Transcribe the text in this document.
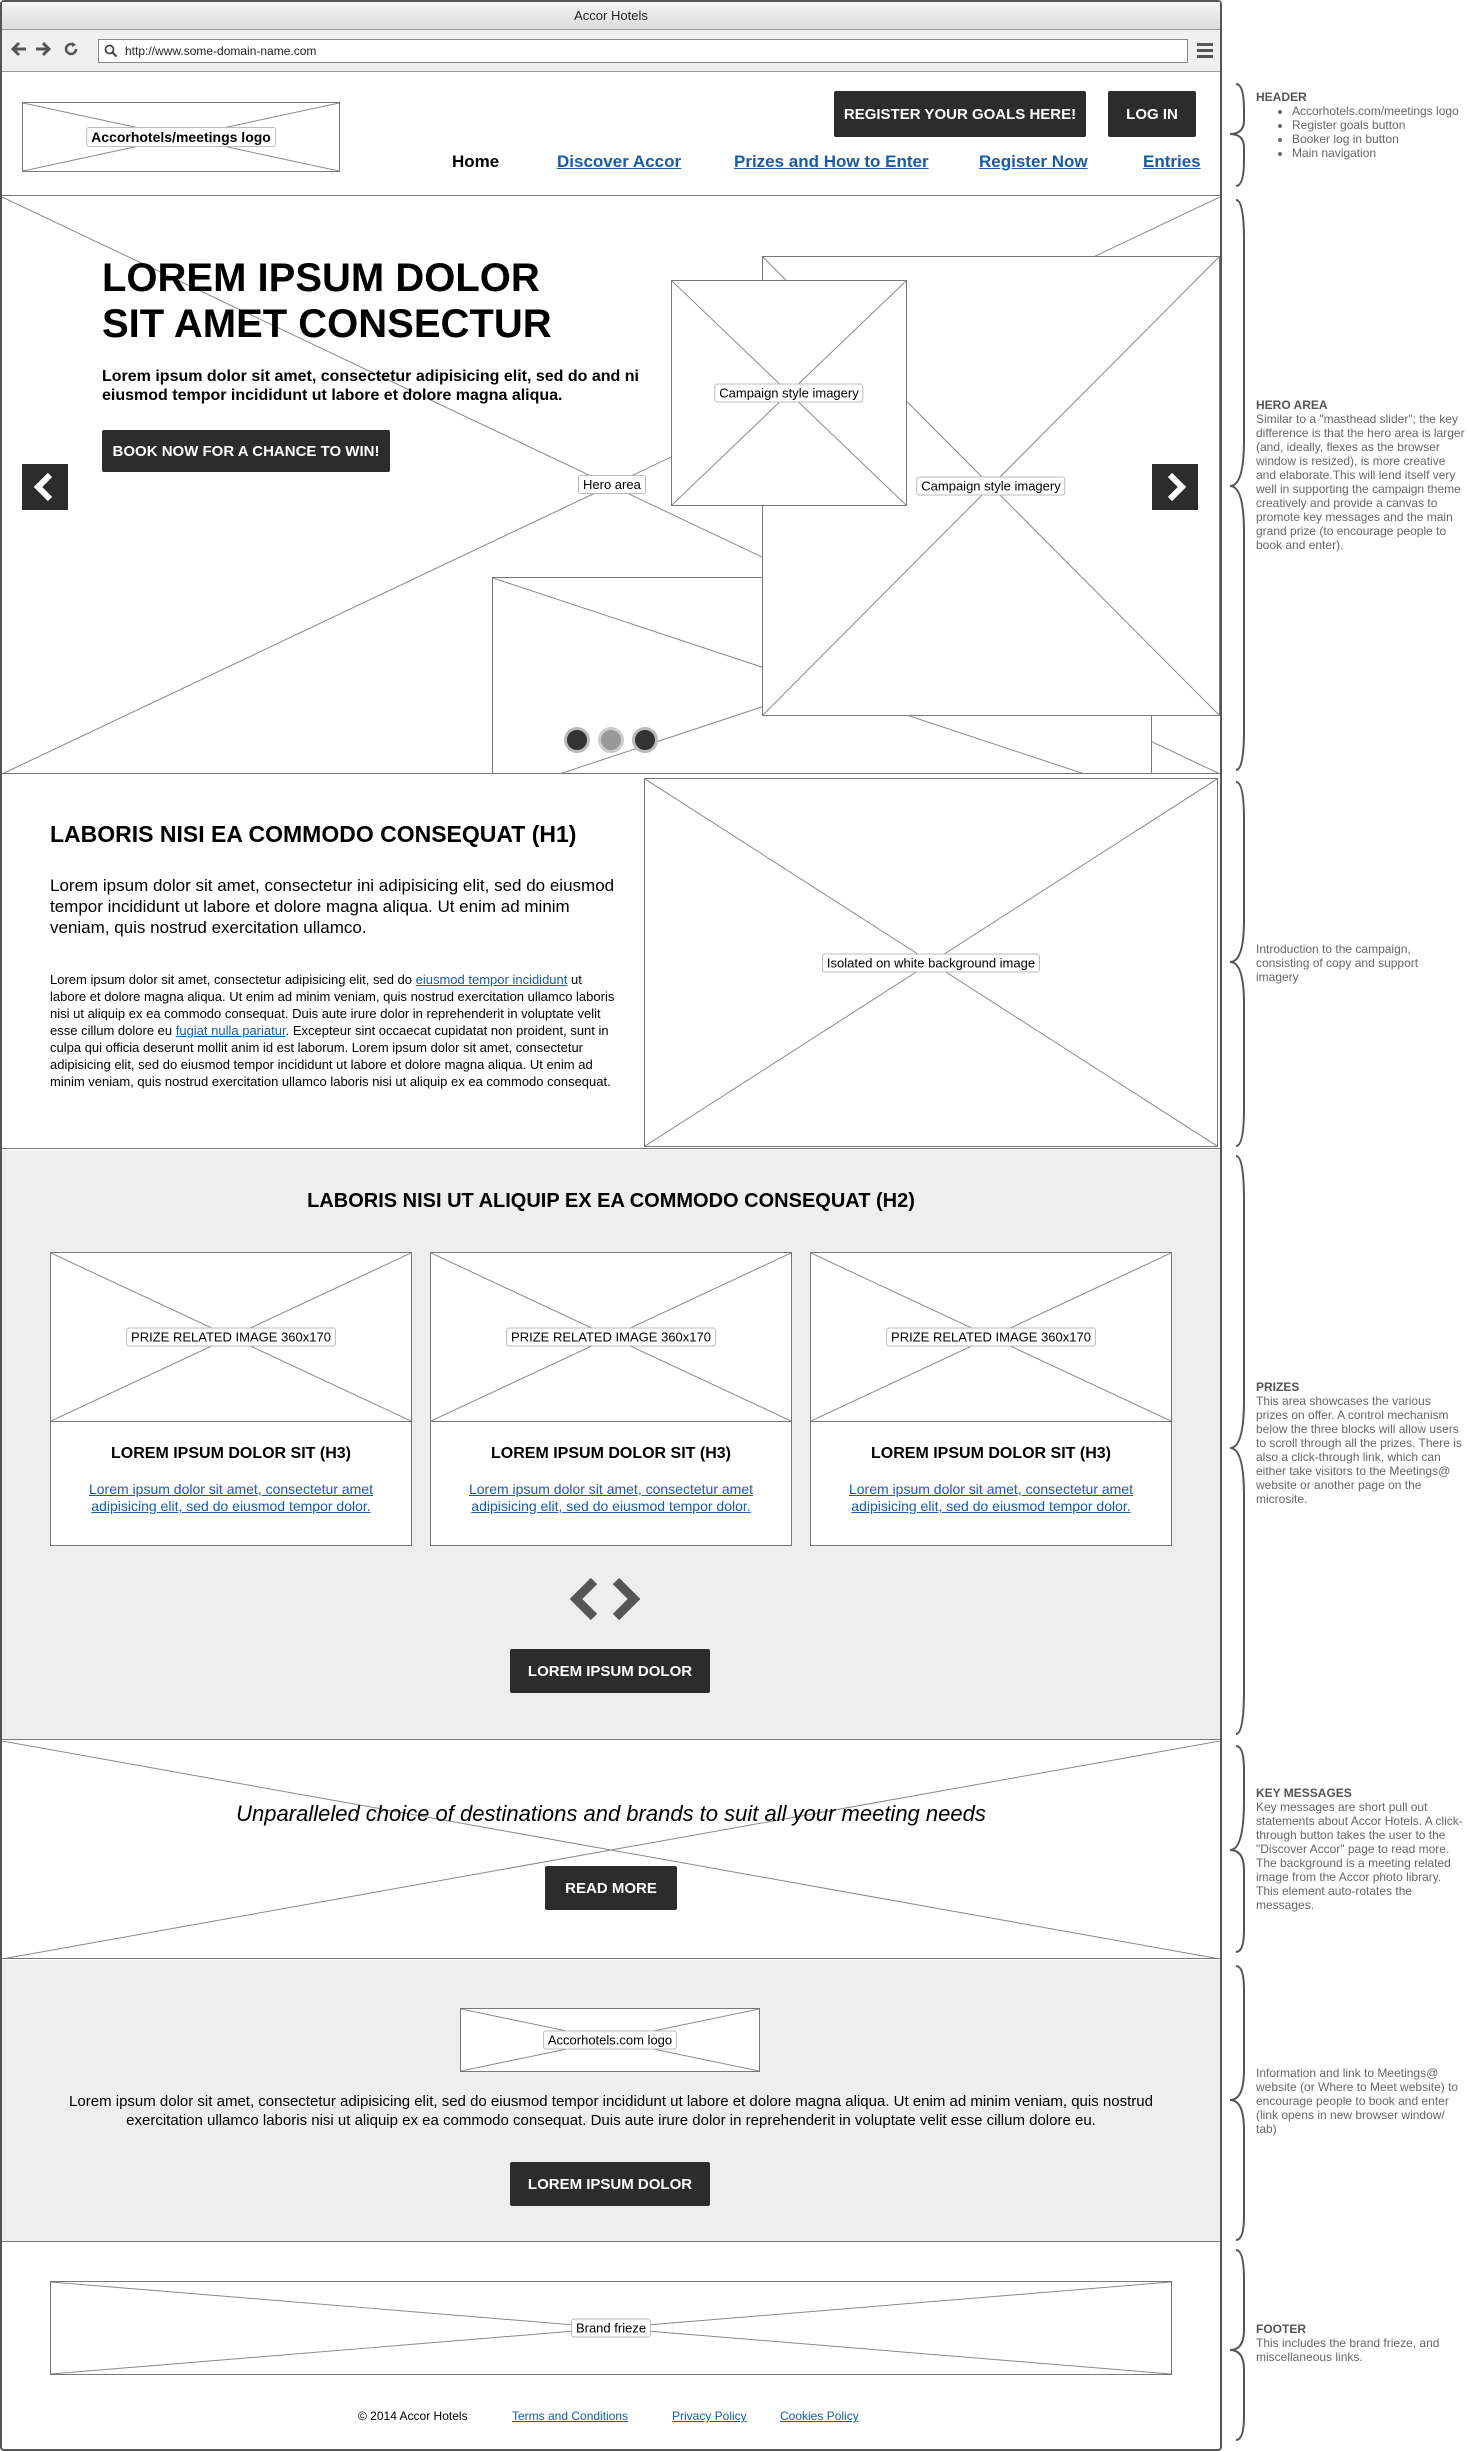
Accor Hotels
http://www.some-domain-name.com
Accorhotels/meetings logo
REGISTER YOUR GOALS HERE!	LOG IN
Home	Discover Accor	Prizes and How to Enter	Register Now	Entries
Hero area	Campaign style imagery
Campaign style imagery
LOREM IPSUM DOLOR
SIT AMET CONSECTUR
Lorem ipsum dolor sit amet, consectetur adipisicing elit, sed do and ni eiusmod tempor incididunt ut labore et dolore magna aliqua.
BOOK NOW FOR A CHANCE TO WIN!
LABORIS NISI EA COMMODO CONSEQUAT (H1)
Lorem ipsum dolor sit amet, consectetur ini adipisicing elit, sed do eiusmod tempor incididunt ut labore et dolore magna aliqua. Ut enim ad minim veniam, quis nostrud exercitation ullamco.
Lorem ipsum dolor sit amet, consectetur adipisicing elit, sed do eiusmod tempor incididunt ut labore et dolore magna aliqua. Ut enim ad minim veniam, quis nostrud exercitation ullamco laboris nisi ut aliquip ex ea commodo consequat. Duis aute irure dolor in reprehenderit in voluptate velit esse cillum dolore eu fugiat nulla pariatur. Excepteur sint occaecat cupidatat non proident, sunt in culpa qui officia deserunt mollit anim id est laborum. Lorem ipsum dolor sit amet, consectetur adipisicing elit, sed do eiusmod tempor incididunt ut labore et dolore magna aliqua. Ut enim ad minim veniam, quis nostrud exercitation ullamco laboris nisi ut aliquip ex ea commodo consequat.
Isolated on white background image
LABORIS NISI UT ALIQUIP EX EA COMMODO CONSEQUAT (H2)
PRIZE RELATED IMAGE 360x170
LOREM IPSUM DOLOR SIT (H3)
Lorem ipsum dolor sit amet, consectetur amet adipisicing elit, sed do eiusmod tempor dolor.
PRIZE RELATED IMAGE 360x170
LOREM IPSUM DOLOR SIT (H3)
Lorem ipsum dolor sit amet, consectetur amet adipisicing elit, sed do eiusmod tempor dolor.
PRIZE RELATED IMAGE 360x170
LOREM IPSUM DOLOR SIT (H3)
Lorem ipsum dolor sit amet, consectetur amet adipisicing elit, sed do eiusmod tempor dolor.
LOREM IPSUM DOLOR
Unparalleled choice of destinations and brands to suit all your meeting needs
READ MORE
Accorhotels.com logo
Lorem ipsum dolor sit amet, consectetur adipisicing elit, sed do eiusmod tempor incididunt ut labore et dolore magna aliqua. Ut enim ad minim veniam, quis nostrud exercitation ullamco laboris nisi ut aliquip ex ea commodo consequat. Duis aute irure dolor in reprehenderit in voluptate velit esse cillum dolore eu.
LOREM IPSUM DOLOR
Brand frieze
© 2014 Accor Hotels	Terms and Conditions	Privacy Policy	Cookies Policy
HEADER
• Accorhotels.com/meetings logo
• Register goals button
• Booker log in button
• Main navigation
HERO AREA
Similar to a "masthead slider"; the key difference is that the hero area is larger (and, ideally, flexes as the browser window is resized), is more creative and elaborate.This will lend itself very well in supporting the campaign theme creatively and provide a canvas to promote key messages and the main grand prize (to encourage people to book and enter).
Introduction to the campaign, consisting of copy and support imagery
PRIZES
This area showcases the various prizes on offer. A control mechanism below the three blocks will allow users to scroll through all the prizes. There is also a click-through link, which can either take visitors to the Meetings@ website or another page on the microsite.
KEY MESSAGES
Key messages are short pull out statements about Accor Hotels. A click-through button takes the user to the "Discover Accor" page to read more. The background is a meeting related image from the Accor photo library. This element auto-rotates the messages.
Information and link to Meetings@ website (or Where to Meet website) to encourage people to book and enter (link opens in new browser window/ tab)
FOOTER
This includes the brand frieze, and miscellaneous links.
